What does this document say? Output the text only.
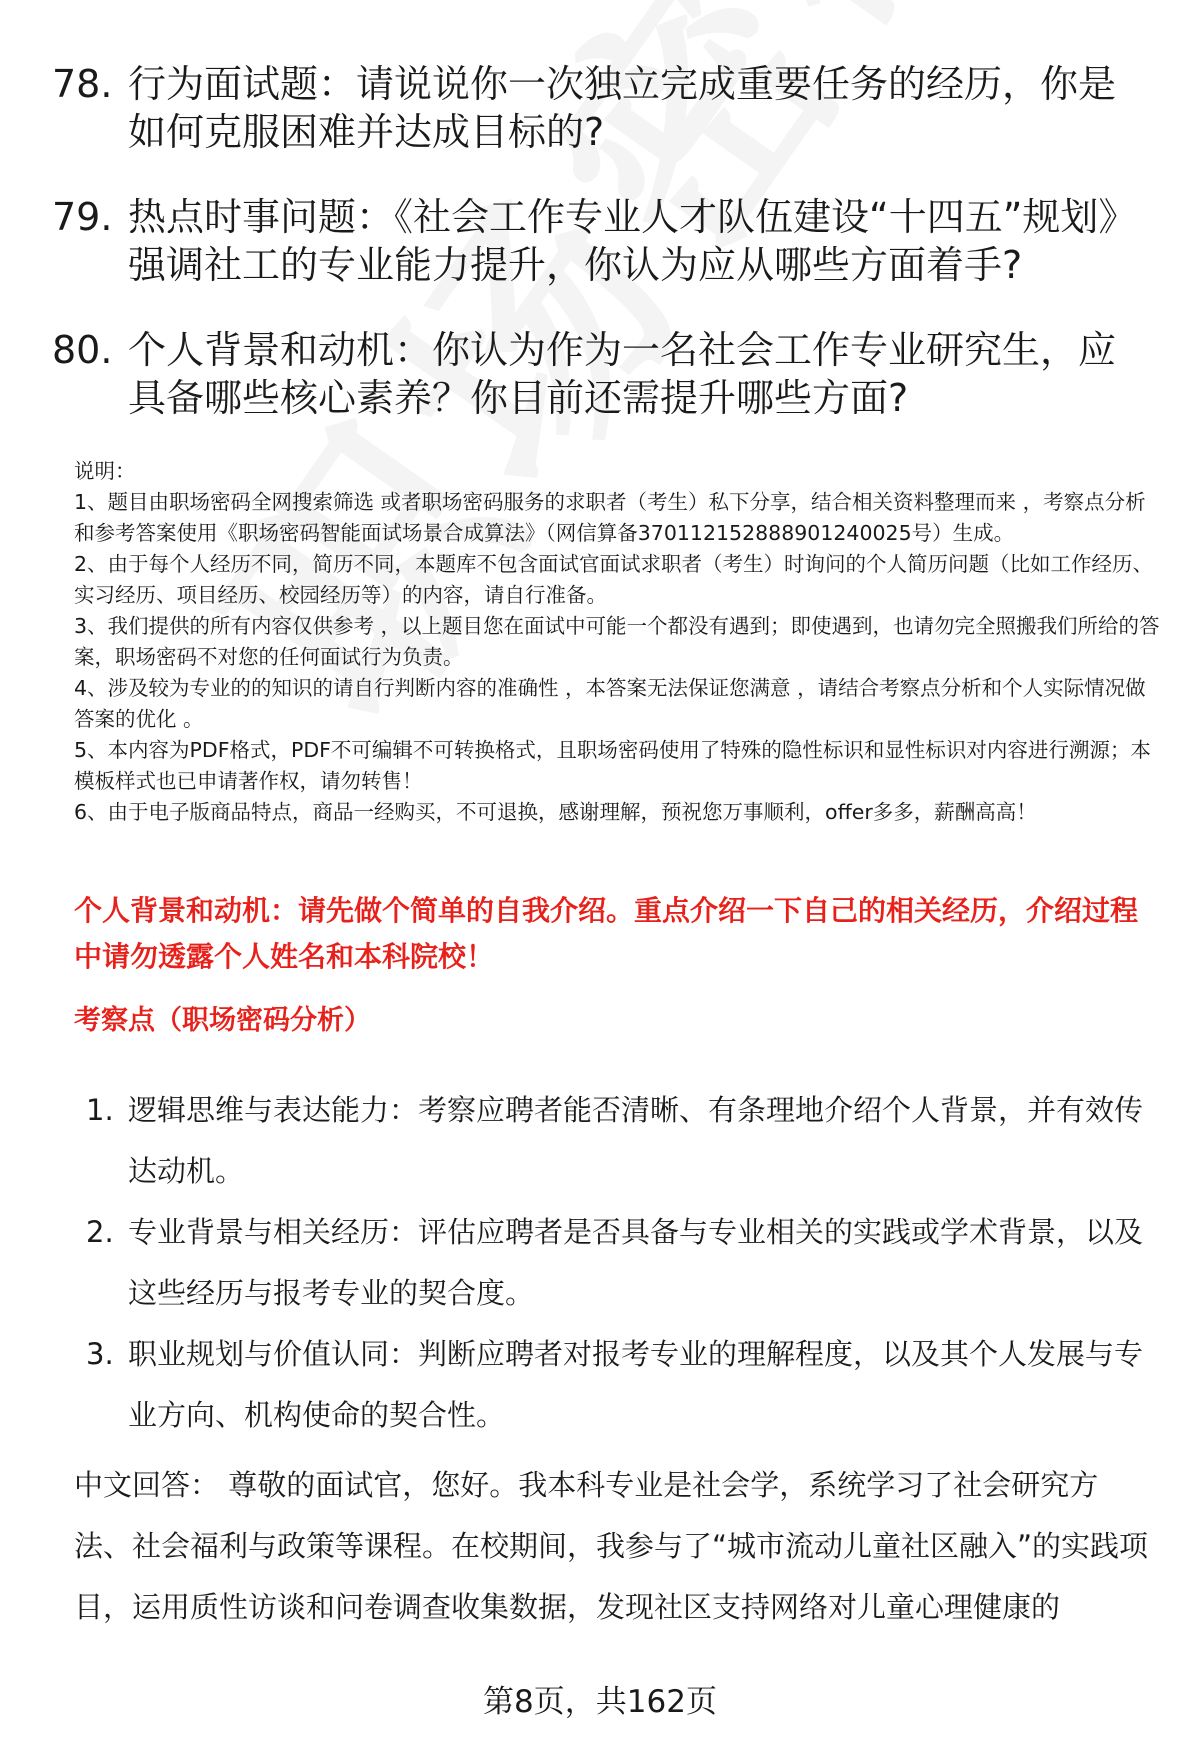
78. 行为面试题：请说说你一次独立完成重要任务的经历，你是如何克服困难并达成目标的?
79. 热点时事问题：《社会工作专业人才队伍建设“十四五”规划》强调社工的专业能力提升，你认为应从哪些方面着手?
80. 个人背景和动机：你认为作为一名社会工作专业研究生，应具备哪些核心素养？你目前还需提升哪些方面?
说明：
1、题目由职场密码全网搜索筛选 或者职场密码服务的求职者（考生）私下分享，结合相关资料整理而来 ，考察点分析和参考答案使用《职场密码智能面试场景合成算法》（网信算备370112152888901240025号）生成。
2、由于每个人经历不同，简历不同，本题库不包含面试官面试求职者（考生）时询问的个人简历问题（比如工作经历、实习经历、项目经历、校园经历等）的内容，请自行准备。
3、我们提供的所有内容仅供参考 ，以上题目您在面试中可能一个都没有遇到；即使遇到，也请勿完全照搬我们所给的答案，职场密码不对您的任何面试行为负责。
4、涉及较为专业的的知识的请自行判断内容的准确性 ，本答案无法保证您满意 ，请结合考察点分析和个人实际情况做答案的优化 。
5、本内容为PDF格式，PDF不可编辑不可转换格式，且职场密码使用了特殊的隐性标识和显性标识对内容进行溯源；本模板样式也已申请著作权，请勿转售！
6、由于电子版商品特点，商品一经购买，不可退换，感谢理解，预祝您万事顺利，offer多多，薪酬高高！
个人背景和动机：请先做个简单的自我介绍。重点介绍一下自己的相关经历，介绍过程中请勿透露个人姓名和本科院校！
考察点（职场密码分析）
1. 逻辑思维与表达能力：考察应聘者能否清晰、有条理地介绍个人背景，并有效传达动机。
2. 专业背景与相关经历：评估应聘者是否具备与专业相关的实践或学术背景，以及这些经历与报考专业的契合度。
3. 职业规划与价值认同：判断应聘者对报考专业的理解程度，以及其个人发展与专业方向、机构使命的契合性。
中文回答： 尊敬的面试官，您好。我本科专业是社会学，系统学习了社会研究方法、社会福利与政策等课程。在校期间，我参与了“城市流动儿童社区融入”的实践项目，运用质性访谈和问卷调查收集数据，发现社区支持网络对儿童心理健康的
第8页，共162页
